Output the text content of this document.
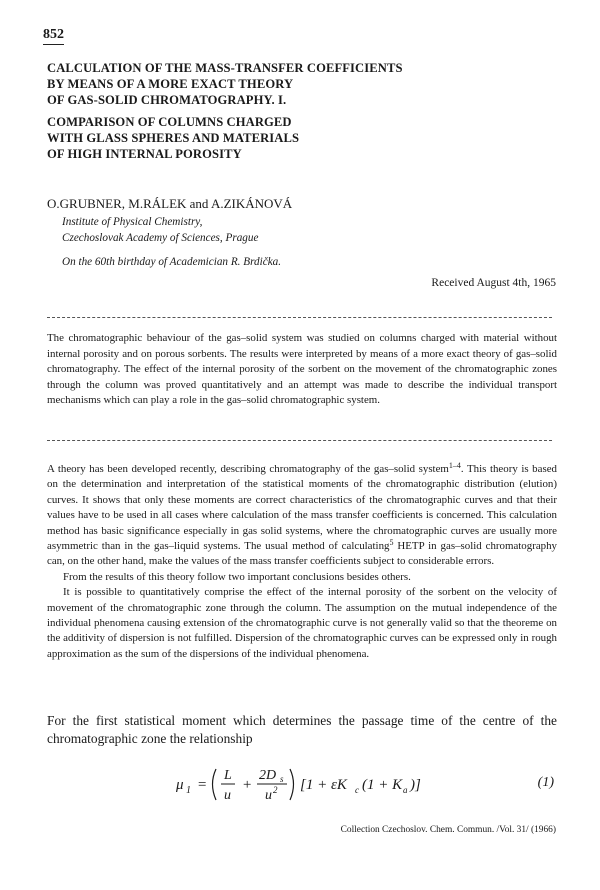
852
CALCULATION OF THE MASS-TRANSFER COEFFICIENTS
BY MEANS OF A MORE EXACT THEORY
OF GAS-SOLID CHROMATOGRAPHY. I.
COMPARISON OF COLUMNS CHARGED
WITH GLASS SPHERES AND MATERIALS
OF HIGH INTERNAL POROSITY
O.GRUBNER, M.RÁLEK and A.ZIKÁNOVÁ
Institute of Physical Chemistry,
Czechoslovak Academy of Sciences, Prague
On the 60th birthday of Academician R. Brdička.
Received August 4th, 1965
The chromatographic behaviour of the gas–solid system was studied on columns charged with material without internal porosity and on porous sorbents. The results were interpreted by means of a more exact theory of gas–solid chromatography. The effect of the internal porosity of the sorbent on the movement of the chromatographic zones through the column was proved quantitatively and an attempt was made to describe the individual transport mechanisms which can play a role in the gas–solid chromatographic system.

A theory has been developed recently, describing chromatography of the gas–solid system$^{1-4}$. This theory is based on the determination and interpretation of the statistical moments of the chromatographic distribution (elution) curves. It shows that only these moments are correct characteristics of the chromatographic curves and that their values have to be used in all cases where calculation of the mass transfer coefficients is concerned. This calculation method has basic significance especially in gas solid systems, where the chromatographic curves are usually more asymmetric than in the gas–liquid systems. The usual method of calculating$^5$ HETP in gas–solid chromatography can, on the other hand, make the values of the mass transfer coefficients subject to considerable errors.

From the results of this theory follow two important conclusions besides others.

It is possible to quantitatively comprise the effect of the internal porosity of the sorbent on the velocity of movement of the chromatographic zone through the column. The assumption on the mutual independence of the individual phenomena causing extension of the chromatographic curve is not generally valid so that the theoreme on the additivity of dispersion is not fulfilled. Dispersion of the chromatographic curves can be expressed only in rough approximation as the sum of the dispersions of the individual phenomena.

For the first statistical moment which determines the passage time of the centre of the chromatographic zone the relationship
μ 1 =
L
u
+
2D s
u 2 [1 + εK c (1 + K a )]	(1)
Collection Czechoslov. Chem. Commun. /Vol. 31/ (1966)
